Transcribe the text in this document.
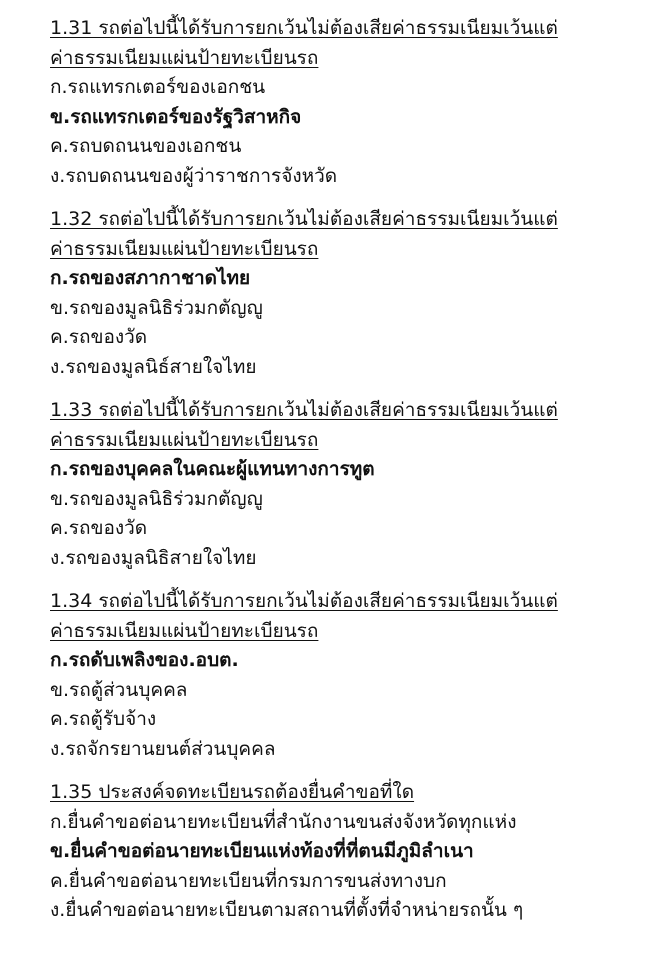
1.31 รถต่อไปนี้ได้รับการยกเว้นไม่ต้องเสียค่าธรรมเนียมเว้นแต่
ค่าธรรมเนียมแผ่นป้ายทะเบียนรถ
ก.รถแทรกเตอร์ของเอกชน
ข.รถแทรกเตอร์ของรัฐวิสาหกิจ
ค.รถบดถนนของเอกชน
ง.รถบดถนนของผู้ว่าราชการจังหวัด
1.32 รถต่อไปนี้ได้รับการยกเว้นไม่ต้องเสียค่าธรรมเนียมเว้นแต่
ค่าธรรมเนียมแผ่นป้ายทะเบียนรถ
ก.รถของสภากาชาดไทย
ข.รถของมูลนิธิร่วมกตัญญู
ค.รถของวัด
ง.รถของมูลนิธ์สายใจไทย
1.33 รถต่อไปนี้ได้รับการยกเว้นไม่ต้องเสียค่าธรรมเนียมเว้นแต่
ค่าธรรมเนียมแผ่นป้ายทะเบียนรถ
ก.รถของบุคคลในคณะผู้แทนทางการทูต
ข.รถของมูลนิธิร่วมกตัญญู
ค.รถของวัด
ง.รถของมูลนิธิสายใจไทย
1.34 รถต่อไปนี้ได้รับการยกเว้นไม่ต้องเสียค่าธรรมเนียมเว้นแต่
ค่าธรรมเนียมแผ่นป้ายทะเบียนรถ
ก.รถดับเพลิงของ.อบต.
ข.รถตู้ส่วนบุคคล
ค.รถตู้รับจ้าง
ง.รถจักรยานยนต์ส่วนบุคคล
1.35 ประสงค์จดทะเบียนรถต้องยื่นคำขอที่ใด
ก.ยื่นคำขอต่อนายทะเบียนที่สำนักงานขนส่งจังหวัดทุกแห่ง
ข.ยื่นคำขอต่อนายทะเบียนแห่งท้องที่ที่ตนมีภูมิลำเนา
ค.ยื่นคำขอต่อนายทะเบียนที่กรมการขนส่งทางบก
ง.ยื่นคำขอต่อนายทะเบียนตามสถานที่ตั้งที่จำหน่ายรถนั้น ๆ
